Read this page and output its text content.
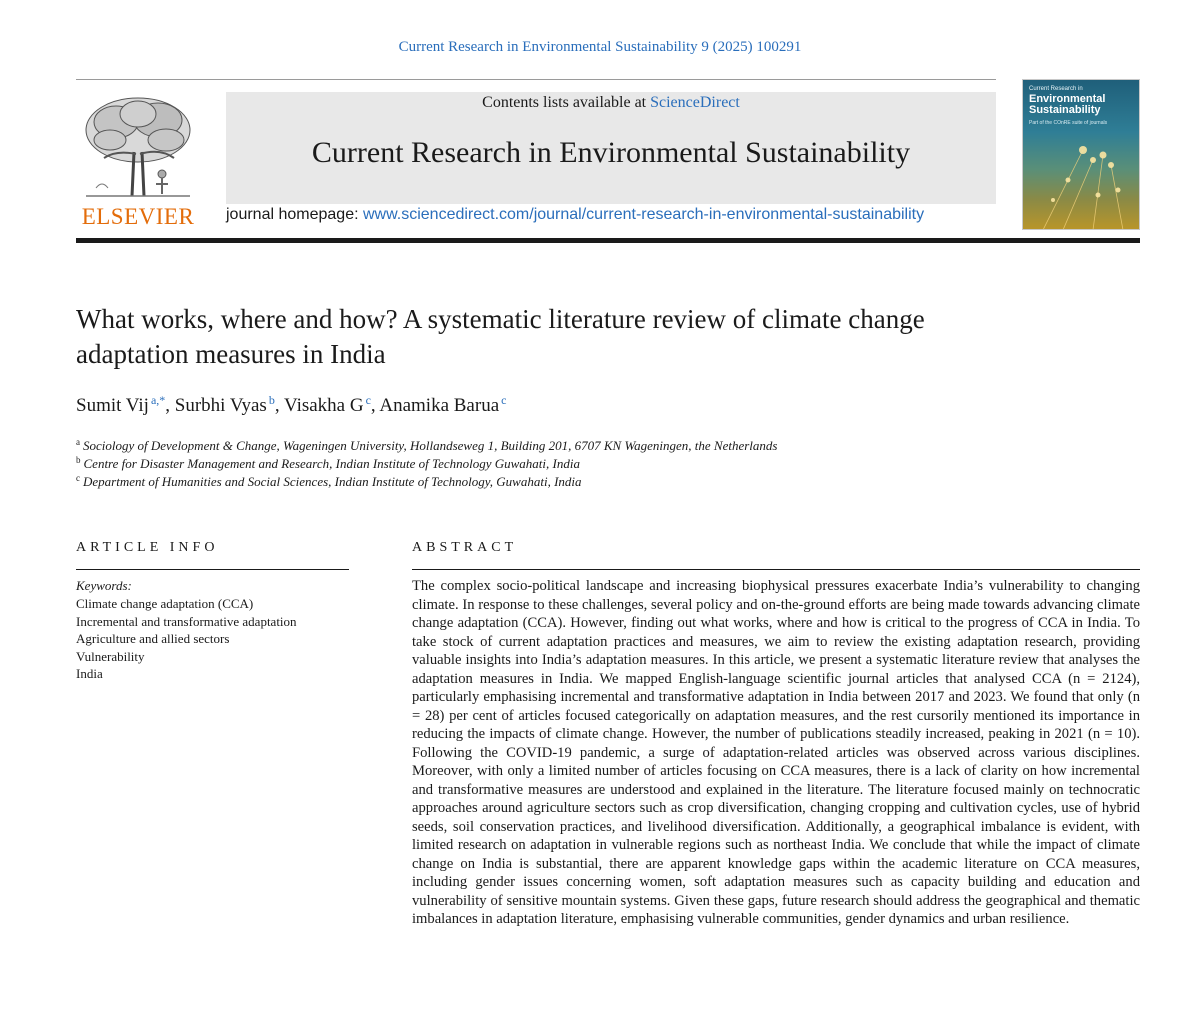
Current Research in Environmental Sustainability 9 (2025) 100291
ELSEVIER
Contents lists available at ScienceDirect
Current Research in Environmental Sustainability
journal homepage: www.sciencedirect.com/journal/current-research-in-environmental-sustainability
Current Research in
Environmental Sustainability
Part of the COnRE suite of journals
What works, where and how? A systematic literature review of climate change adaptation measures in India
Sumit Vij $^{a,*}$, Surbhi Vyas $^b$, Visakha G $^c$, Anamika Barua $^c$
$^a$ Sociology of Development & Change, Wageningen University, Hollandseweg 1, Building 201, 6707 KN Wageningen, the Netherlands
$^b$ Centre for Disaster Management and Research, Indian Institute of Technology Guwahati, India
$^c$ Department of Humanities and Social Sciences, Indian Institute of Technology, Guwahati, India
ARTICLE INFO
Keywords:
Climate change adaptation (CCA)
Incremental and transformative adaptation
Agriculture and allied sectors
Vulnerability
India
ABSTRACT

The complex socio-political landscape and increasing biophysical pressures exacerbate India’s vulnerability to changing climate. In response to these challenges, several policy and on-the-ground efforts are being made towards advancing climate change adaptation (CCA). However, finding out what works, where and how is critical to the progress of CCA in India. To take stock of current adaptation practices and measures, we aim to review the existing adaptation research, providing valuable insights into India’s adaptation measures. In this article, we present a systematic literature review that analyses the adaptation measures in India. We mapped English-language scientific journal articles that analysed CCA (n = 2124), particularly emphasising incremental and transformative adaptation in India between 2017 and 2023. We found that only (n = 28) per cent of articles focused categorically on adaptation measures, and the rest cursorily mentioned its importance in reducing the impacts of climate change. However, the number of publications steadily increased, peaking in 2021 (n = 10). Following the COVID-19 pandemic, a surge of adaptation-related articles was observed across various disciplines. Moreover, with only a limited number of articles focusing on CCA measures, there is a lack of clarity on how incremental and transformative measures are understood and explained in the literature. The literature focused mainly on technocratic approaches around agriculture sectors such as crop diversification, changing cropping and cultivation cycles, use of hybrid seeds, soil conservation practices, and livelihood diversification. Additionally, a geographical imbalance is evident, with limited research on adaptation in vulnerable regions such as northeast India. We conclude that while the impact of climate change on India is substantial, there are apparent knowledge gaps within the academic literature on CCA measures, including gender issues concerning women, soft adaptation measures such as capacity building and education and vulnerability of sensitive mountain systems. Given these gaps, future research should address the geographical and thematic imbalances in adaptation literature, emphasising vulnerable communities, gender dynamics and urban resilience.
